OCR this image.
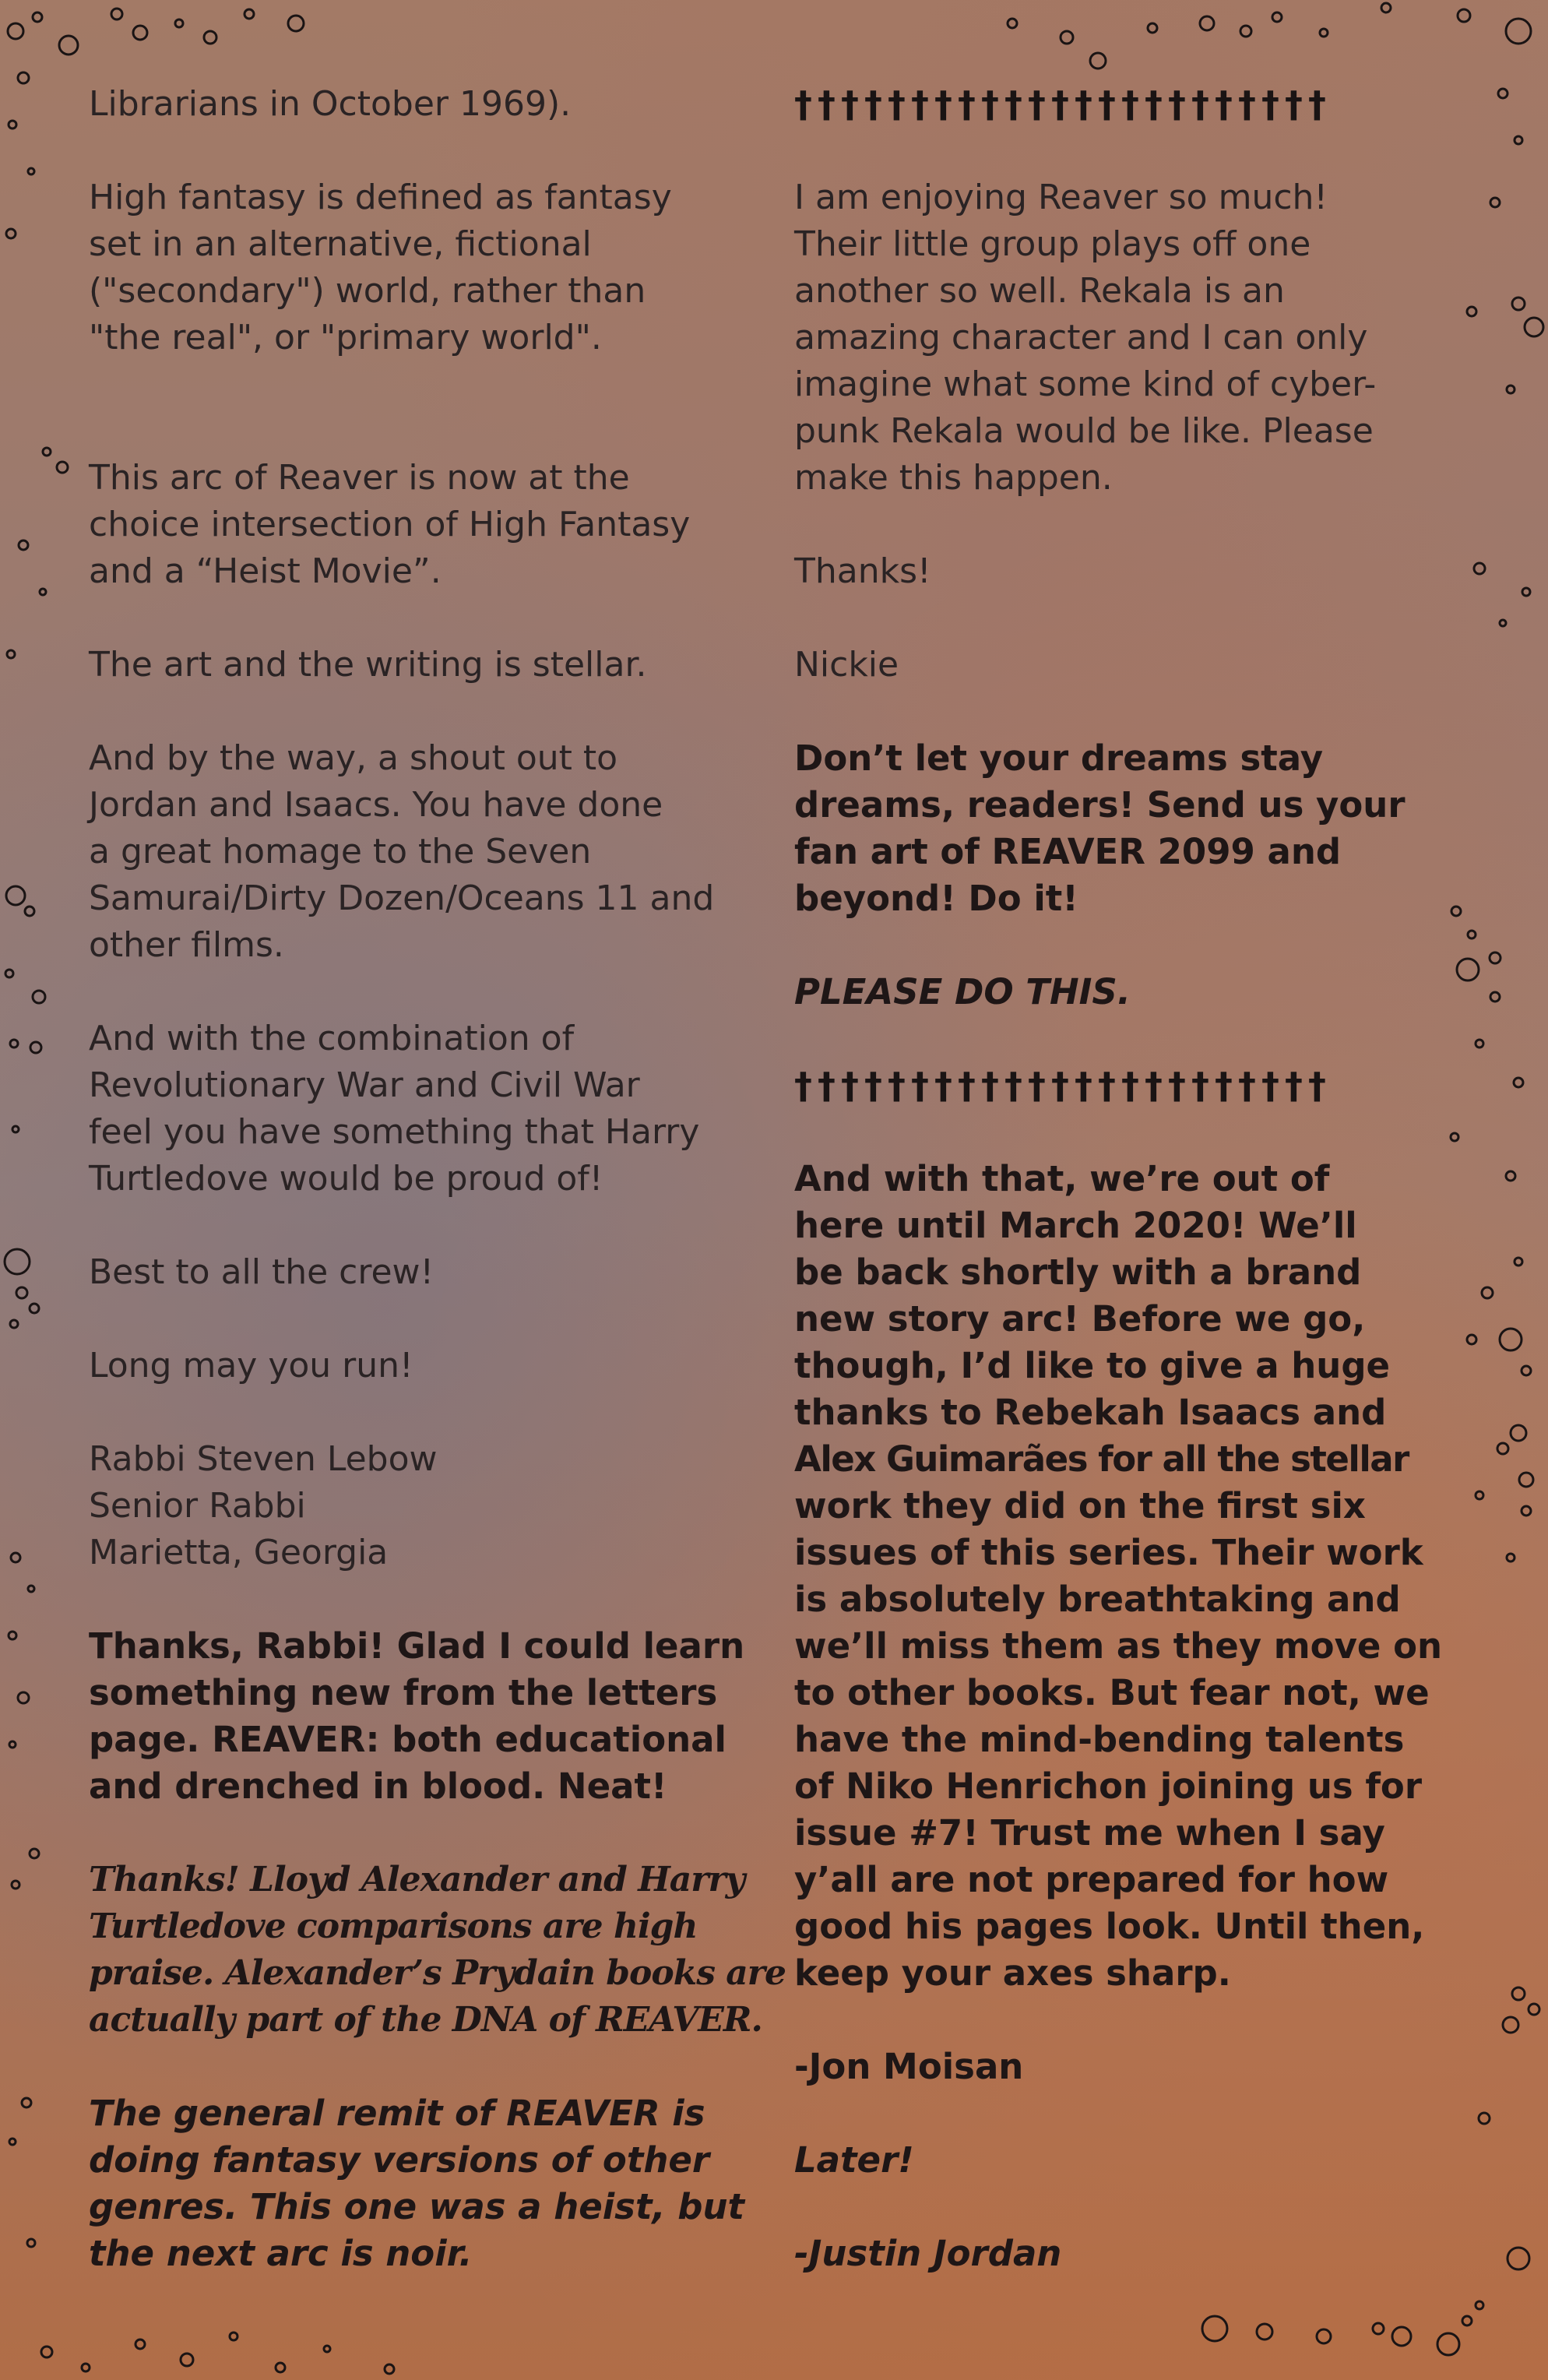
Librarians in October 1969).

High fantasy is defined as fantasy
set in an alternative, fictional
("secondary") world, rather than
"the real", or "primary world".

This arc of Reaver is now at the
choice intersection of High Fantasy
and a “Heist Movie”.

The art and the writing is stellar.

And by the way, a shout out to
Jordan and Isaacs. You have done
a great homage to the Seven
Samurai/Dirty Dozen/Oceans 11 and
other films.

And with the combination of
Revolutionary War and Civil War
feel you have something that Harry
Turtledove would be proud of!

Best to all the crew!

Long may you run!

Rabbi Steven Lebow
Senior Rabbi
Marietta, Georgia

Thanks, Rabbi! Glad I could learn
something new from the letters
page. REAVER: both educational
and drenched in blood. Neat!

Thanks! Lloyd Alexander and Harry
Turtledove comparisons are high
praise. Alexander’s Prydain books are
actually part of the DNA of REAVER.

The general remit of REAVER is
doing fantasy versions of other
genres. This one was a heist, but
the next arc is noir.

†††††††††††††††††††††††

I am enjoying Reaver so much!
Their little group plays off one
another so well. Rekala is an
amazing character and I can only
imagine what some kind of cyber-
punk Rekala would be like. Please
make this happen.

Thanks!

Nickie

Don’t let your dreams stay
dreams, readers! Send us your
fan art of REAVER 2099 and
beyond! Do it!

PLEASE DO THIS.

†††††††††††††††††††††††

And with that, we’re out of
here until March 2020! We’ll
be back shortly with a brand
new story arc! Before we go,
though, I’d like to give a huge
thanks to Rebekah Isaacs and
Alex Guimarães for all the stellar
work they did on the first six
issues of this series. Their work
is absolutely breathtaking and
we’ll miss them as they move on
to other books. But fear not, we
have the mind-bending talents
of Niko Henrichon joining us for
issue #7! Trust me when I say
y’all are not prepared for how
good his pages look. Until then,
keep your axes sharp.

-Jon Moisan

Later!

-Justin Jordan
